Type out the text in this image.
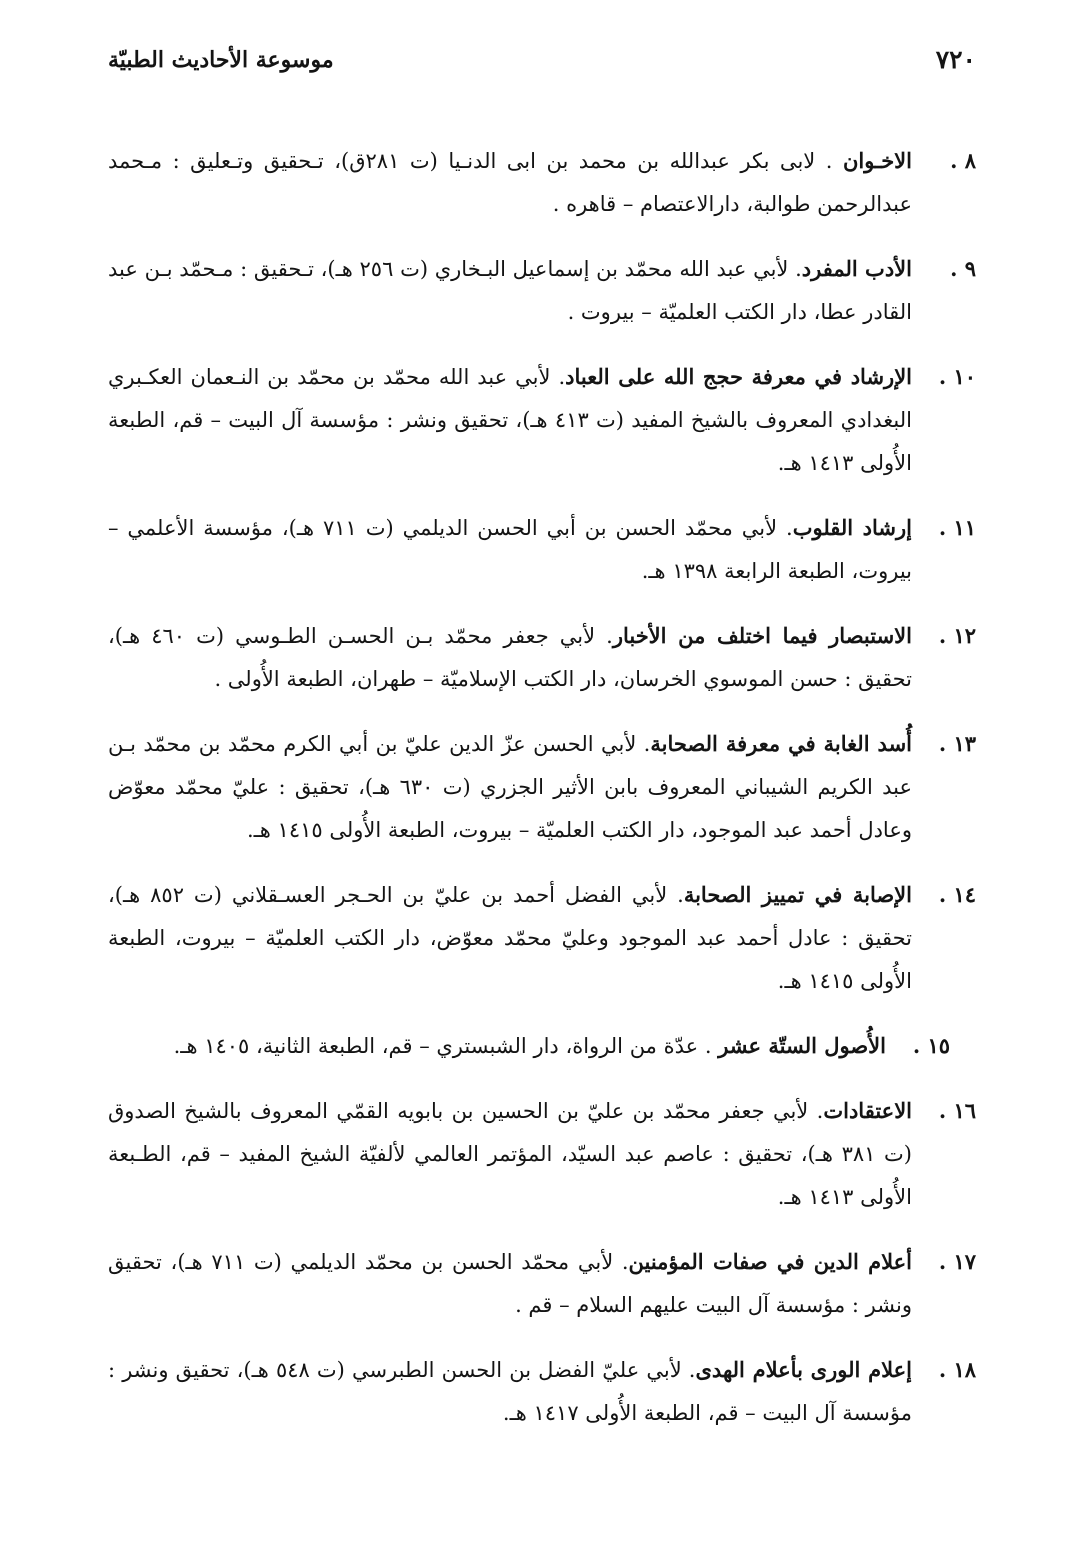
٧٢٠
موسوعة الأحاديث الطبيّة

٨ .
الاخـوان . لابى بكر عبدالله بن محمد بن ابى الدنـيا (ت ٢٨١ق)، تـحقيق وتـعليق : مـحمد عبدالرحمن طوالبة، دارالاعتصام – قاهره .

٩ .
الأدب المفرد. لأبي عبد الله محمّد بن إسماعيل البـخاري (ت ٢٥٦ هـ)، تـحقيق : مـحمّد بـن عبد القادر عطا، دار الكتب العلميّة – بيروت .

١٠ .
الإرشاد في معرفة حجج الله على العباد. لأبي عبد الله محمّد بن محمّد بن النـعمان العكـبري البغدادي المعروف بالشيخ المفيد (ت ٤١٣ هـ)، تحقيق ونشر : مؤسسة آل البيت – قم، الطبعة الأُولى ١٤١٣ هـ.

١١ .
إرشاد القلوب. لأبي محمّد الحسن بن أبي الحسن الديلمي (ت ٧١١ هـ)، مؤسسة الأعلمي – بيروت، الطبعة الرابعة ١٣٩٨ هـ.

١٢ .
الاستبصار فيما اختلف من الأخبار. لأبي جعفر محمّد بـن الحسـن الطـوسي (ت ٤٦٠ هـ)، تحقيق : حسن الموسوي الخرسان، دار الكتب الإسلاميّة – طهران، الطبعة الأُولى .

١٣ .
أُسد الغابة في معرفة الصحابة. لأبي الحسن عزّ الدين عليّ بن أبي الكرم محمّد بن محمّد بـن عبد الكريم الشيباني المعروف بابن الأثير الجزري (ت ٦٣٠ هـ)، تحقيق : عليّ محمّد معوّض وعادل أحمد عبد الموجود، دار الكتب العلميّة – بيروت، الطبعة الأُولى ١٤١٥ هـ.

١٤ .
الإصابة في تمييز الصحابة. لأبي الفضل أحمد بن عليّ بن الحـجر العسـقلاني (ت ٨٥٢ هـ)، تحقيق : عادل أحمد عبد الموجود وعليّ محمّد معوّض، دار الكتب العلميّة – بيروت، الطبعة الأُولى ١٤١٥ هـ.

١٥ .
الأُصول الستّة عشر . عدّة من الرواة، دار الشبستري – قم، الطبعة الثانية، ١٤٠٥ هـ.

١٦ .
الاعتقادات. لأبي جعفر محمّد بن عليّ بن الحسين بن بابويه القمّي المعروف بالشيخ الصدوق (ت ٣٨١ هـ)، تحقيق : عاصم عبد السيّد، المؤتمر العالمي لألفيّة الشيخ المفيد – قم، الطـبعة الأُولى ١٤١٣ هـ.

١٧ .
أعلام الدين في صفات المؤمنين. لأبي محمّد الحسن بن محمّد الديلمي (ت ٧١١ هـ)، تحقيق ونشر : مؤسسة آل البيت عليهم السلام – قم .

١٨ .
إعلام الورى بأعلام الهدى. لأبي عليّ الفضل بن الحسن الطبرسي (ت ٥٤٨ هـ)، تحقيق ونشر : مؤسسة آل البيت – قم، الطبعة الأُولى ١٤١٧ هـ.
